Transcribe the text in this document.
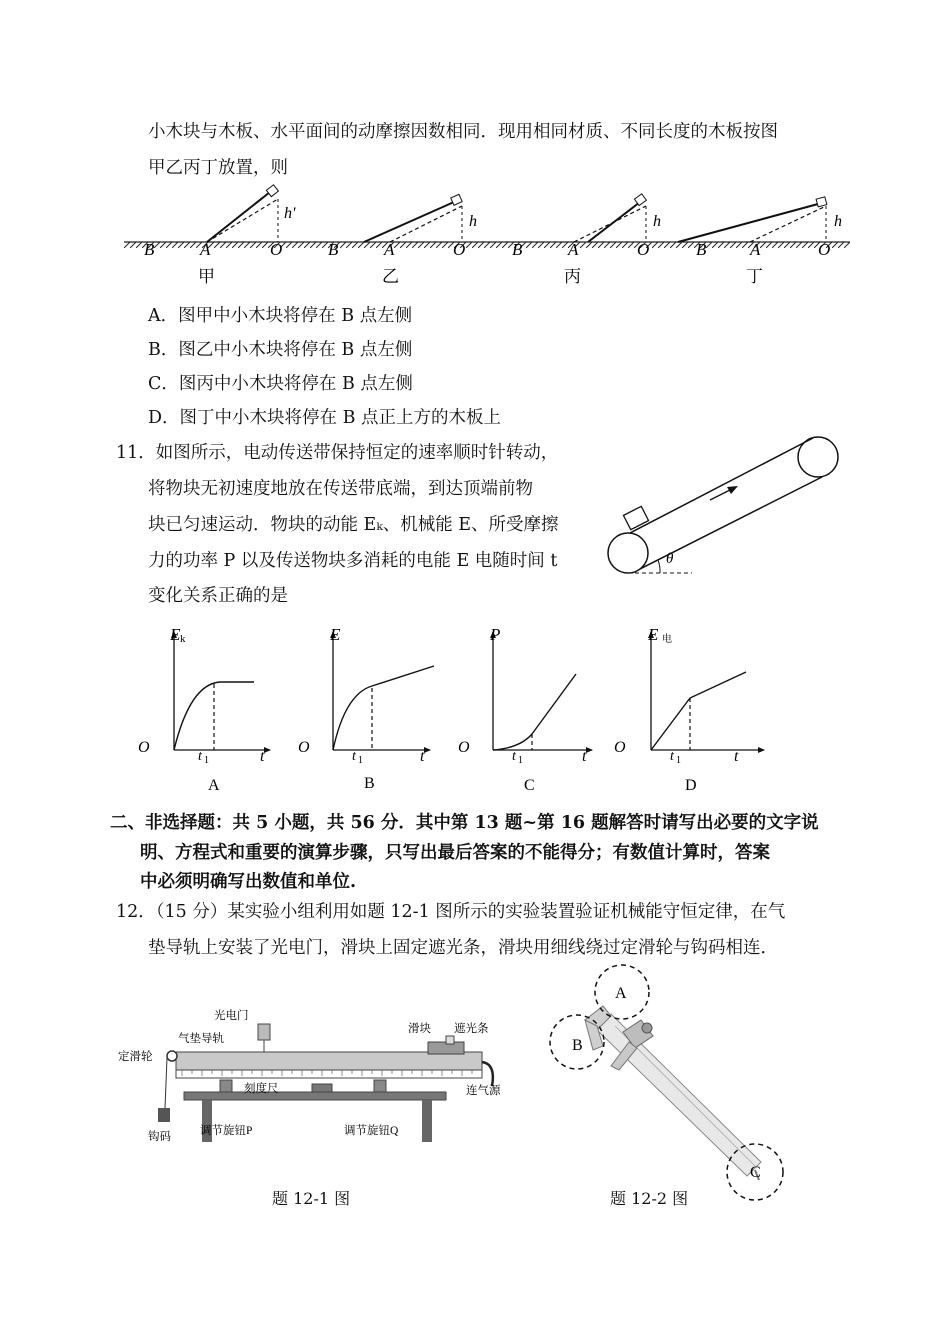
小木块与木板、水平面间的动摩擦因数相同．现用相同材质、不同长度的木板按图
甲乙丙丁放置，则
h'
B	A	O
甲
h
B	A	O
乙
h
B	A	O
丙
h
B	A	O
丁
A．图甲中小木块将停在 B 点左侧
B．图乙中小木块将停在 B 点左侧
C．图丙中小木块将停在 B 点左侧
D．图丁中小木块将停在 B 点正上方的木板上
11．如图所示，电动传送带保持恒定的速率顺时针转动，
将物块无初速度地放在传送带底端，到达顶端前物
块已匀速运动．物块的动能 Eₖ、机械能 E、所受摩擦
力的功率 P 以及传送物块多消耗的电能 E 电随时间 t
变化关系正确的是
θ
E k
O
t 1	t
A
E
O
t 1	t
B
P
O
t 1	t
C
E 电
O
t 1	t
D
二、非选择题：共 5 小题，共 56 分．其中第 13 题~第 16 题解答时请写出必要的文字说
明、方程式和重要的演算步骤，只写出最后答案的不能得分；有数值计算时，答案
中必须明确写出数值和单位.
12．（15 分）某实验小组利用如题 12-1 图所示的实验装置验证机械能守恒定律，在气
垫导轨上安装了光电门，滑块上固定遮光条，滑块用细线绕过定滑轮与钩码相连．
光电门
气垫导轨
定滑轮
滑块 遮光条
刻度尺	连气源
钩码	调节旋钮P	调节旋钮Q
题 12-1 图
A
B
C
题 12-2 图
